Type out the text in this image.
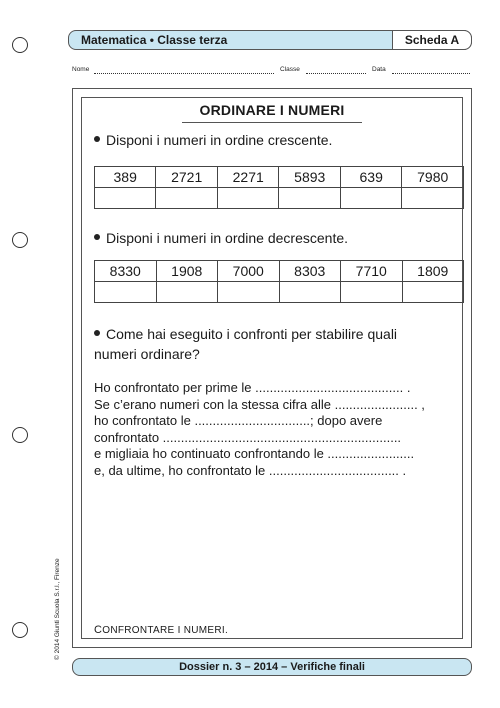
Matematica • Classe terza	Scheda A
Nome	Classe	Data
ORDINARE I NUMERI
Disponi i numeri in ordine crescente.
389	2721	2271	5893	639	7980

Disponi i numeri in ordine decrescente.
8330	1908	7000	8303	7710	1809

Come hai eseguito i confronti per stabilire quali
numeri ordinare?
Ho confrontato per prime le ......................................... .
Se c’erano numeri con la stessa cifra alle ....................... ,
ho confrontato le ................................; dopo avere
confrontato ..................................................................
e migliaia ho continuato confrontando le ........................
e, da ultime, ho confrontato le .................................... .
CONFRONTARE I NUMERI.
© 2014 Giunti Scuola S.r.l., Firenze
Dossier n. 3 – 2014 – Verifiche finali
